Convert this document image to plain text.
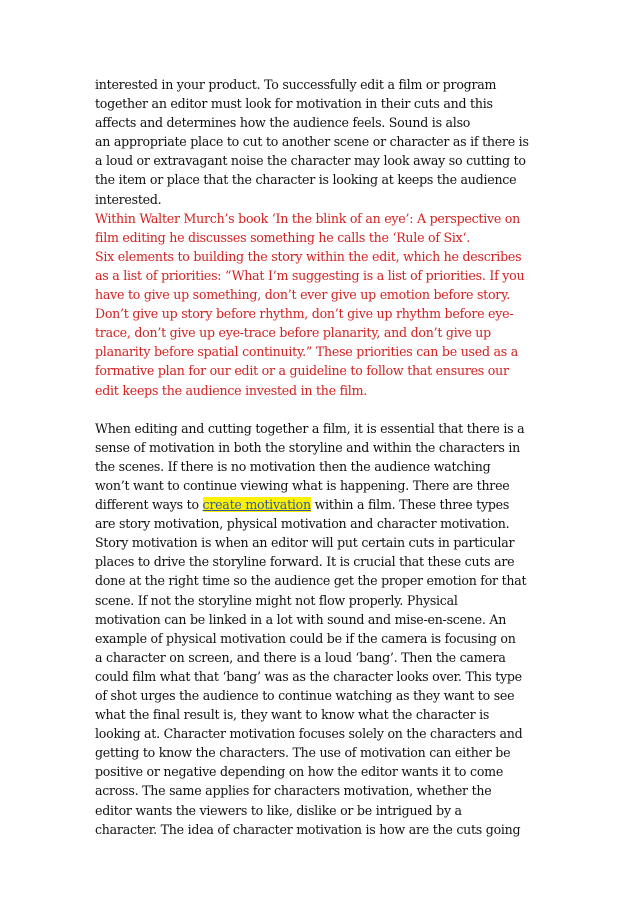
interested in your product. To successfully edit a film or program
together an editor must look for motivation in their cuts and this
affects and determines how the audience feels. Sound is also
an appropriate place to cut to another scene or character as if there is
a loud or extravagant noise the character may look away so cutting to
the item or place that the character is looking at keeps the audience
interested.
Within Walter Murch’s book ‘In the blink of an eye’: A perspective on
film editing he discusses something he calls the ‘Rule of Six‘.
Six elements to building the story within the edit, which he describes
as a list of priorities: “What I’m suggesting is a list of priorities. If you
have to give up something, don’t ever give up emotion before story.
Don’t give up story before rhythm, don’t give up rhythm before eye-
trace, don’t give up eye-trace before planarity, and don’t give up
planarity before spatial continuity.” These priorities can be used as a
formative plan for our edit or a guideline to follow that ensures our
edit keeps the audience invested in the film.
When editing and cutting together a film, it is essential that there is a
sense of motivation in both the storyline and within the characters in
the scenes. If there is no motivation then the audience watching
won’t want to continue viewing what is happening. There are three
different ways to create motivation within a film. These three types
are story motivation, physical motivation and character motivation.
Story motivation is when an editor will put certain cuts in particular
places to drive the storyline forward. It is crucial that these cuts are
done at the right time so the audience get the proper emotion for that
scene. If not the storyline might not flow properly. Physical
motivation can be linked in a lot with sound and mise-en-scene. An
example of physical motivation could be if the camera is focusing on
a character on screen, and there is a loud ‘bang’. Then the camera
could film what that ‘bang’ was as the character looks over. This type
of shot urges the audience to continue watching as they want to see
what the final result is, they want to know what the character is
looking at. Character motivation focuses solely on the characters and
getting to know the characters. The use of motivation can either be
positive or negative depending on how the editor wants it to come
across. The same applies for characters motivation, whether the
editor wants the viewers to like, dislike or be intrigued by a
character. The idea of character motivation is how are the cuts going
